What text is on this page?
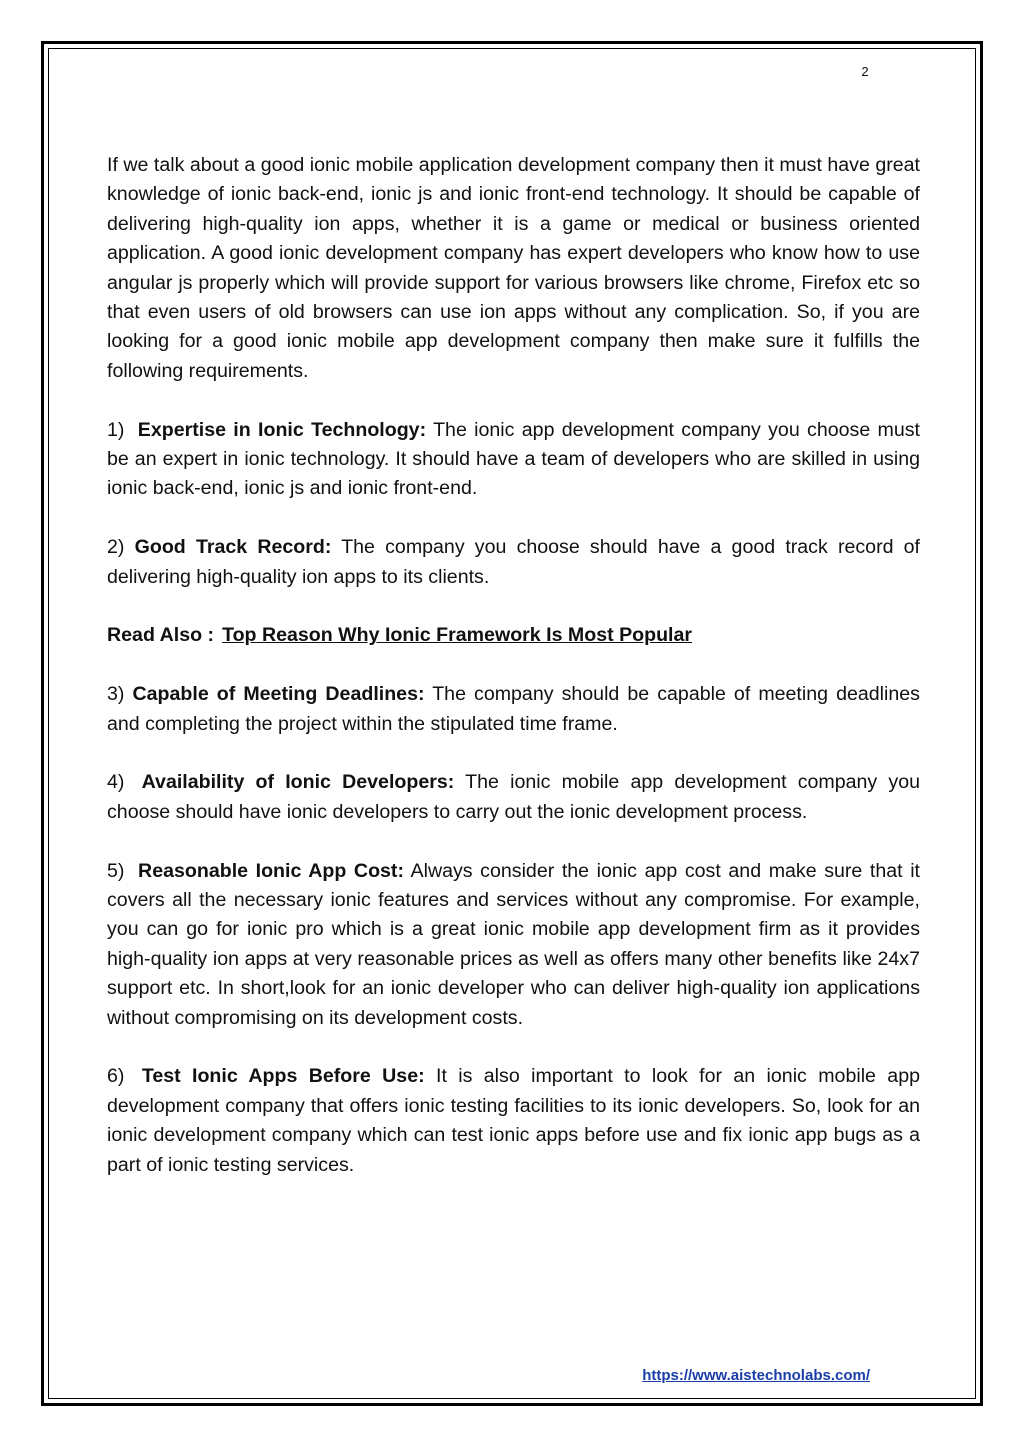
2

If we talk about a good ionic mobile application development company then it must have great knowledge of ionic back-end, ionic js and ionic front-end technology. It should be capable of delivering high-quality ion apps, whether it is a game or medical or business oriented application. A good ionic development company has expert developers who know how to use angular js properly which will provide support for various browsers like chrome, Firefox etc so that even users of old browsers can use ion apps without any complication. So, if you are looking for a good ionic mobile app development company then make sure it fulfills the following requirements.

1) Expertise in Ionic Technology: The ionic app development company you choose must be an expert in ionic technology. It should have a team of developers who are skilled in using ionic back-end, ionic js and ionic front-end.

2) Good Track Record: The company you choose should have a good track record of delivering high-quality ion apps to its clients.

Read Also : Top Reason Why Ionic Framework Is Most Popular

3) Capable of Meeting Deadlines: The company should be capable of meeting deadlines and completing the project within the stipulated time frame.

4) Availability of Ionic Developers: The ionic mobile app development company you choose should have ionic developers to carry out the ionic development process.

5) Reasonable Ionic App Cost: Always consider the ionic app cost and make sure that it covers all the necessary ionic features and services without any compromise. For example, you can go for ionic pro which is a great ionic mobile app development firm as it provides high-quality ion apps at very reasonable prices as well as offers many other benefits like 24x7 support etc. In short,look for an ionic developer who can deliver high-quality ion applications without compromising on its development costs.

6) Test Ionic Apps Before Use: It is also important to look for an ionic mobile app development company that offers ionic testing facilities to its ionic developers. So, look for an ionic development company which can test ionic apps before use and fix ionic app bugs as a part of ionic testing services.

https://www.aistechnolabs.com/
